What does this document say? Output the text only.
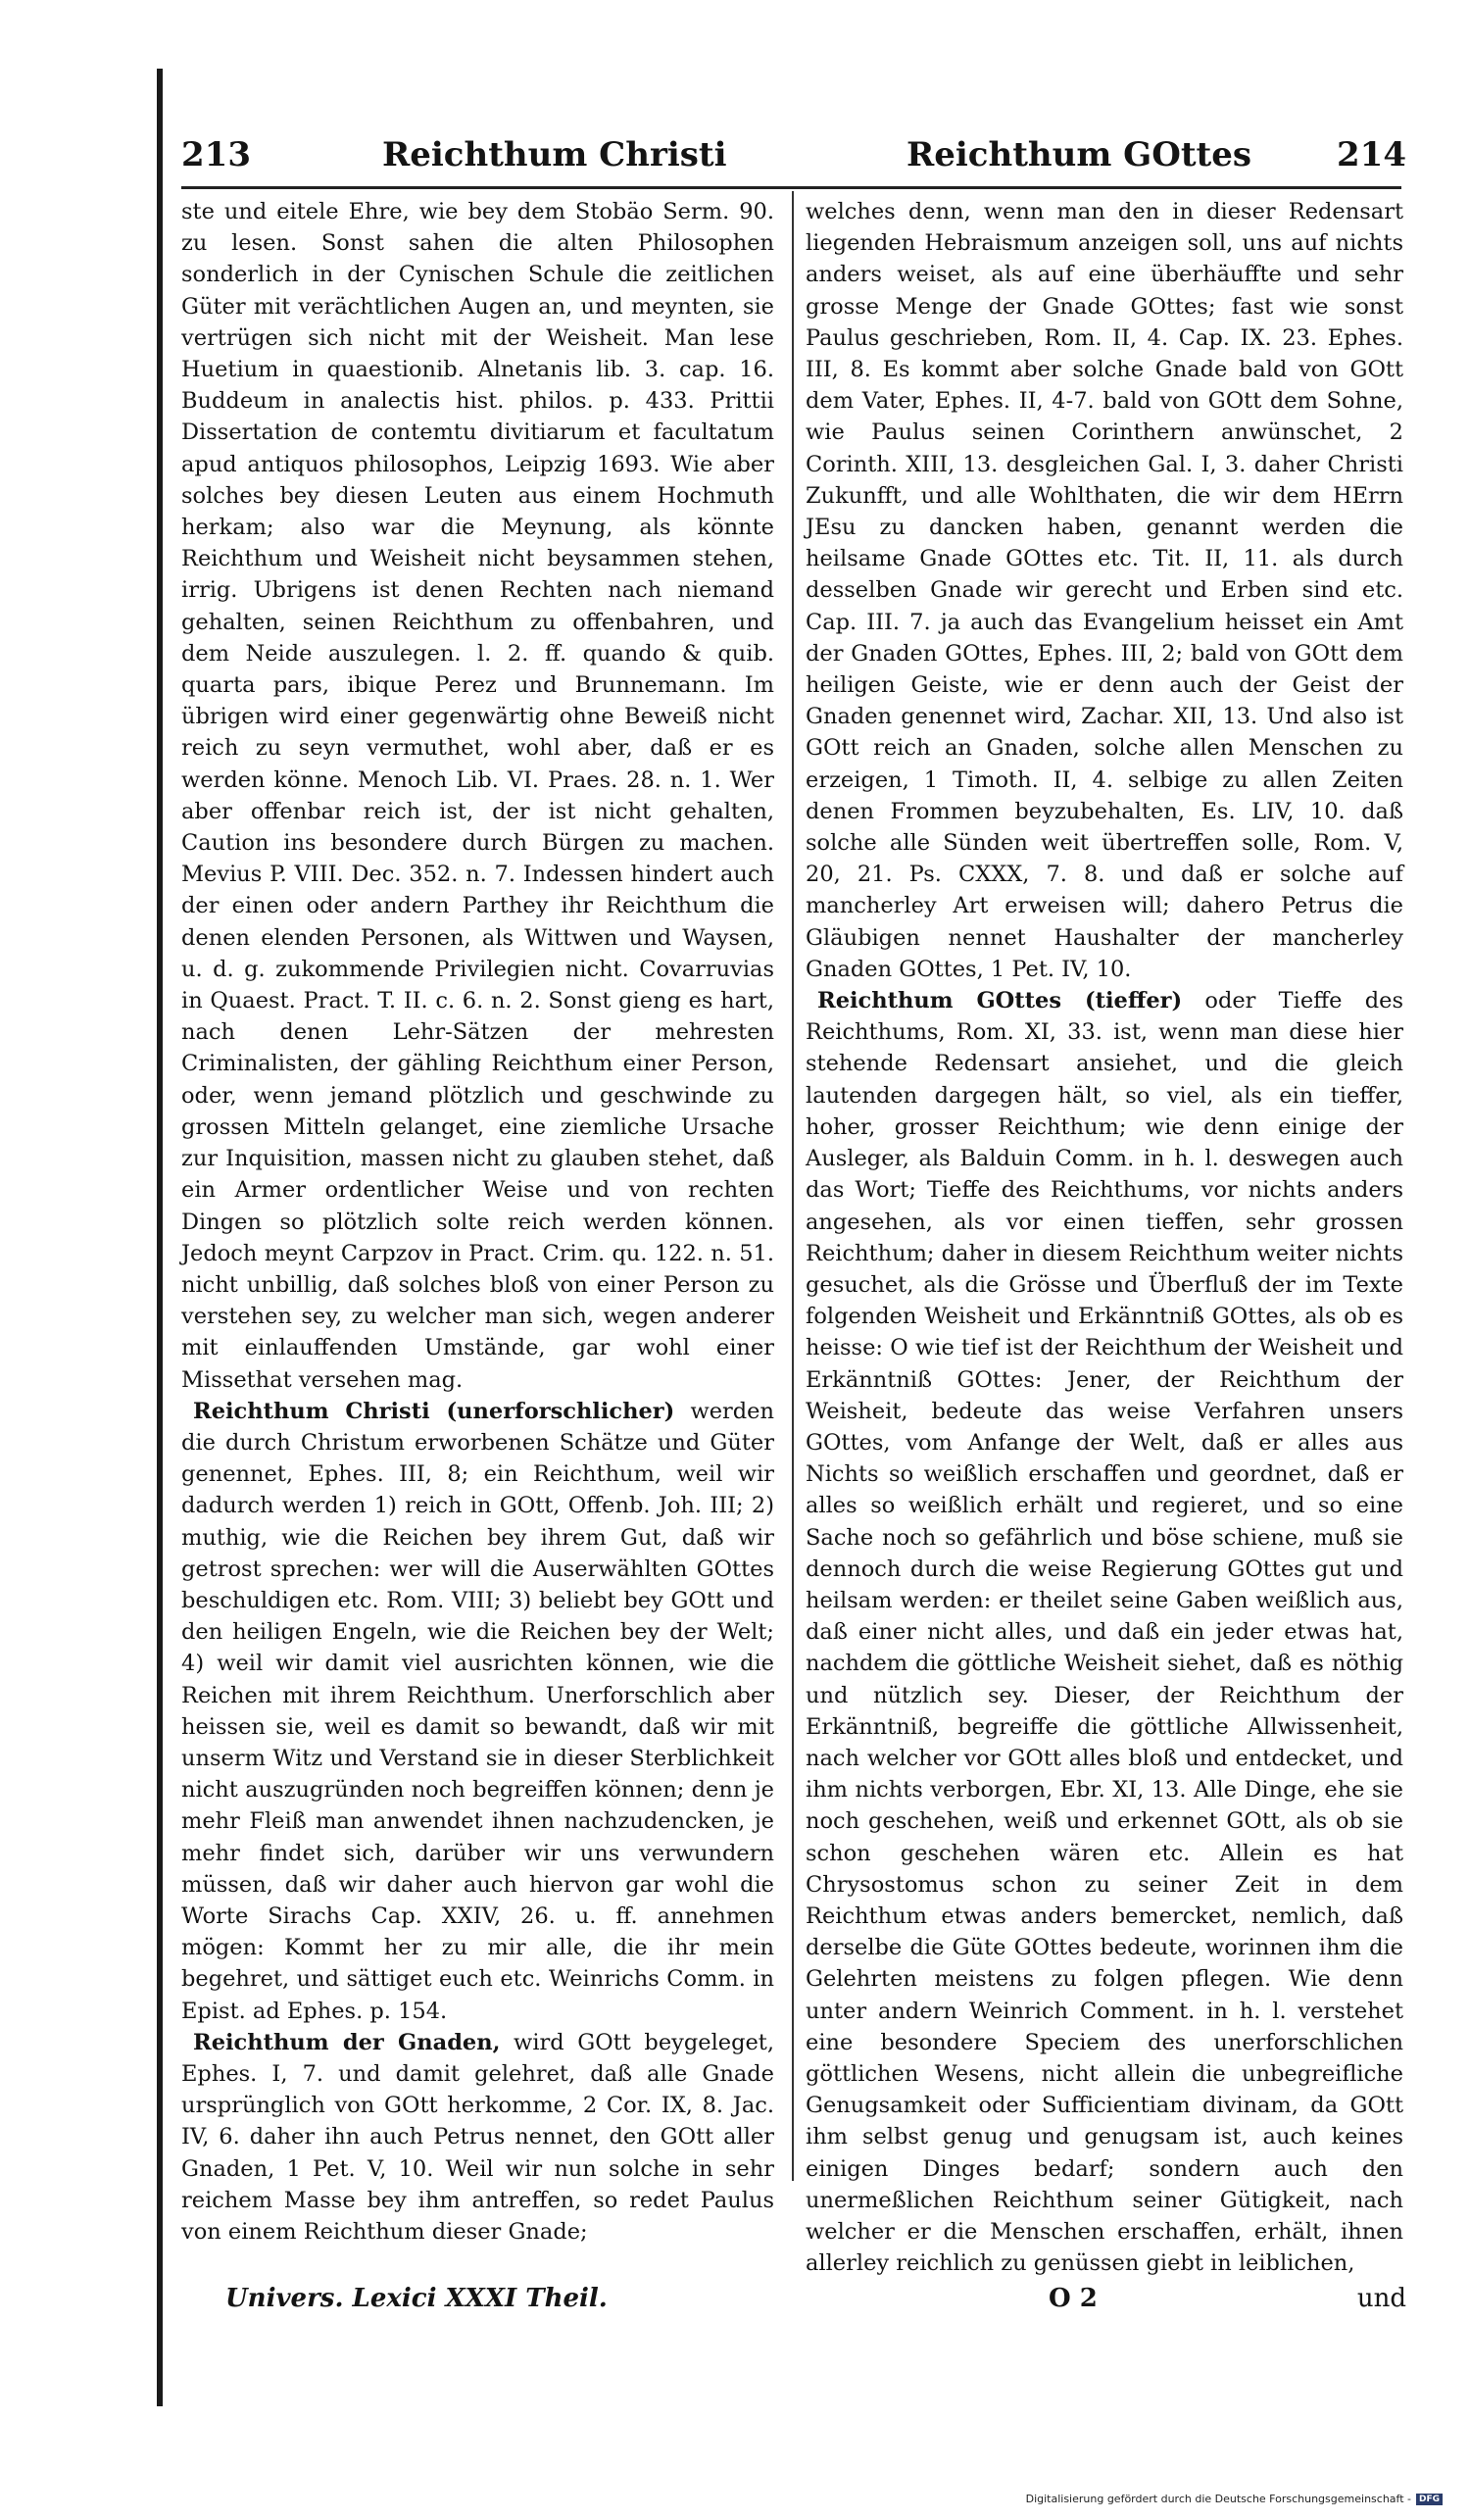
213	Reichthum Christi	Reichthum GOttes	214

ste und eitele Ehre, wie bey dem Stobäo Serm. 90. zu lesen. Sonst sahen die alten Philosophen sonderlich in der Cynischen Schule die zeitlichen Güter mit verächtlichen Augen an, und meynten, sie vertrügen sich nicht mit der Weisheit. Man lese Huetium in quaestionib. Alnetanis lib. 3. cap. 16. Buddeum in analectis hist. philos. p. 433. Prittii Dissertation de contemtu divitiarum et facultatum apud antiquos philosophos, Leipzig 1693. Wie aber solches bey diesen Leuten aus einem Hochmuth herkam; also war die Meynung, als könnte Reichthum und Weisheit nicht beysammen stehen, irrig. Ubrigens ist denen Rechten nach niemand gehalten, seinen Reichthum zu offenbahren, und dem Neide auszulegen. l. 2. ff. quando & quib. quarta pars, ibique Perez und Brunnemann. Im übrigen wird einer gegenwärtig ohne Beweiß nicht reich zu seyn vermuthet, wohl aber, daß er es werden könne. Menoch Lib. VI. Praes. 28. n. 1. Wer aber offenbar reich ist, der ist nicht gehalten, Caution ins besondere durch Bürgen zu machen. Mevius P. VIII. Dec. 352. n. 7. Indessen hindert auch der einen oder andern Parthey ihr Reichthum die denen elenden Personen, als Wittwen und Waysen, u. d. g. zukommende Privilegien nicht. Covarruvias in Quaest. Pract. T. II. c. 6. n. 2. Sonst gieng es hart, nach denen Lehr-Sätzen der mehresten Criminalisten, der gähling Reichthum einer Person, oder, wenn jemand plötzlich und geschwinde zu grossen Mitteln gelanget, eine ziemliche Ursache zur Inquisition, massen nicht zu glauben stehet, daß ein Armer ordentlicher Weise und von rechten Dingen so plötzlich solte reich werden können. Jedoch meynt Carpzov in Pract. Crim. qu. 122. n. 51. nicht unbillig, daß solches bloß von einer Person zu verstehen sey, zu welcher man sich, wegen anderer mit einlauffenden Umstände, gar wohl einer Missethat versehen mag.

Reichthum Christi (unerforschlicher) werden die durch Christum erworbenen Schätze und Güter genennet, Ephes. III, 8; ein Reichthum, weil wir dadurch werden 1) reich in GOtt, Offenb. Joh. III; 2) muthig, wie die Reichen bey ihrem Gut, daß wir getrost sprechen: wer will die Auserwählten GOttes beschuldigen etc. Rom. VIII; 3) beliebt bey GOtt und den heiligen Engeln, wie die Reichen bey der Welt; 4) weil wir damit viel ausrichten können, wie die Reichen mit ihrem Reichthum. Unerforschlich aber heissen sie, weil es damit so bewandt, daß wir mit unserm Witz und Verstand sie in dieser Sterblichkeit nicht auszugründen noch begreiffen können; denn je mehr Fleiß man anwendet ihnen nachzudencken, je mehr findet sich, darüber wir uns verwundern müssen, daß wir daher auch hiervon gar wohl die Worte Sirachs Cap. XXIV, 26. u. ff. annehmen mögen: Kommt her zu mir alle, die ihr mein begehret, und sättiget euch etc. Weinrichs Comm. in Epist. ad Ephes. p. 154.

Reichthum der Gnaden, wird GOtt beygeleget, Ephes. I, 7. und damit gelehret, daß alle Gnade ursprünglich von GOtt herkomme, 2 Cor. IX, 8. Jac. IV, 6. daher ihn auch Petrus nennet, den GOtt aller Gnaden, 1 Pet. V, 10. Weil wir nun solche in sehr reichem Masse bey ihm antreffen, so redet Paulus von einem Reichthum dieser Gnade;

welches denn, wenn man den in dieser Redensart liegenden Hebraismum anzeigen soll, uns auf nichts anders weiset, als auf eine überhäuffte und sehr grosse Menge der Gnade GOttes; fast wie sonst Paulus geschrieben, Rom. II, 4. Cap. IX. 23. Ephes. III, 8. Es kommt aber solche Gnade bald von GOtt dem Vater, Ephes. II, 4-7. bald von GOtt dem Sohne, wie Paulus seinen Corinthern anwünschet, 2 Corinth. XIII, 13. desgleichen Gal. I, 3. daher Christi Zukunfft, und alle Wohlthaten, die wir dem HErrn JEsu zu dancken haben, genannt werden die heilsame Gnade GOttes etc. Tit. II, 11. als durch desselben Gnade wir gerecht und Erben sind etc. Cap. III. 7. ja auch das Evangelium heisset ein Amt der Gnaden GOttes, Ephes. III, 2; bald von GOtt dem heiligen Geiste, wie er denn auch der Geist der Gnaden genennet wird, Zachar. XII, 13. Und also ist GOtt reich an Gnaden, solche allen Menschen zu erzeigen, 1 Timoth. II, 4. selbige zu allen Zeiten denen Frommen beyzubehalten, Es. LIV, 10. daß solche alle Sünden weit übertreffen solle, Rom. V, 20, 21. Ps. CXXX, 7. 8. und daß er solche auf mancherley Art erweisen will; dahero Petrus die Gläubigen nennet Haushalter der mancherley Gnaden GOttes, 1 Pet. IV, 10.

Reichthum GOttes (tieffer) oder Tieffe des Reichthums, Rom. XI, 33. ist, wenn man diese hier stehende Redensart ansiehet, und die gleich lautenden dargegen hält, so viel, als ein tieffer, hoher, grosser Reichthum; wie denn einige der Ausleger, als Balduin Comm. in h. l. deswegen auch das Wort; Tieffe des Reichthums, vor nichts anders angesehen, als vor einen tieffen, sehr grossen Reichthum; daher in diesem Reichthum weiter nichts gesuchet, als die Grösse und Überfluß der im Texte folgenden Weisheit und Erkänntniß GOttes, als ob es heisse: O wie tief ist der Reichthum der Weisheit und Erkänntniß GOttes: Jener, der Reichthum der Weisheit, bedeute das weise Verfahren unsers GOttes, vom Anfange der Welt, daß er alles aus Nichts so weißlich erschaffen und geordnet, daß er alles so weißlich erhält und regieret, und so eine Sache noch so gefährlich und böse schiene, muß sie dennoch durch die weise Regierung GOttes gut und heilsam werden: er theilet seine Gaben weißlich aus, daß einer nicht alles, und daß ein jeder etwas hat, nachdem die göttliche Weisheit siehet, daß es nöthig und nützlich sey. Dieser, der Reichthum der Erkänntniß, begreiffe die göttliche Allwissenheit, nach welcher vor GOtt alles bloß und entdecket, und ihm nichts verborgen, Ebr. XI, 13. Alle Dinge, ehe sie noch geschehen, weiß und erkennet GOtt, als ob sie schon geschehen wären etc. Allein es hat Chrysostomus schon zu seiner Zeit in dem Reichthum etwas anders bemercket, nemlich, daß derselbe die Güte GOttes bedeute, worinnen ihm die Gelehrten meistens zu folgen pflegen. Wie denn unter andern Weinrich Comment. in h. l. verstehet eine besondere Speciem des unerforschlichen göttlichen Wesens, nicht allein die unbegreifliche Genugsamkeit oder Sufficientiam divinam, da GOtt ihm selbst genug und genugsam ist, auch keines einigen Dinges bedarf; sondern auch den unermeßlichen Reichthum seiner Gütigkeit, nach welcher er die Menschen erschaffen, erhält, ihnen allerley reichlich zu genüssen giebt in leiblichen,

Univers. Lexici XXXI Theil.	O 2	und
Digitalisierung gefördert durch die Deutsche Forschungsgemeinschaft - DFG
